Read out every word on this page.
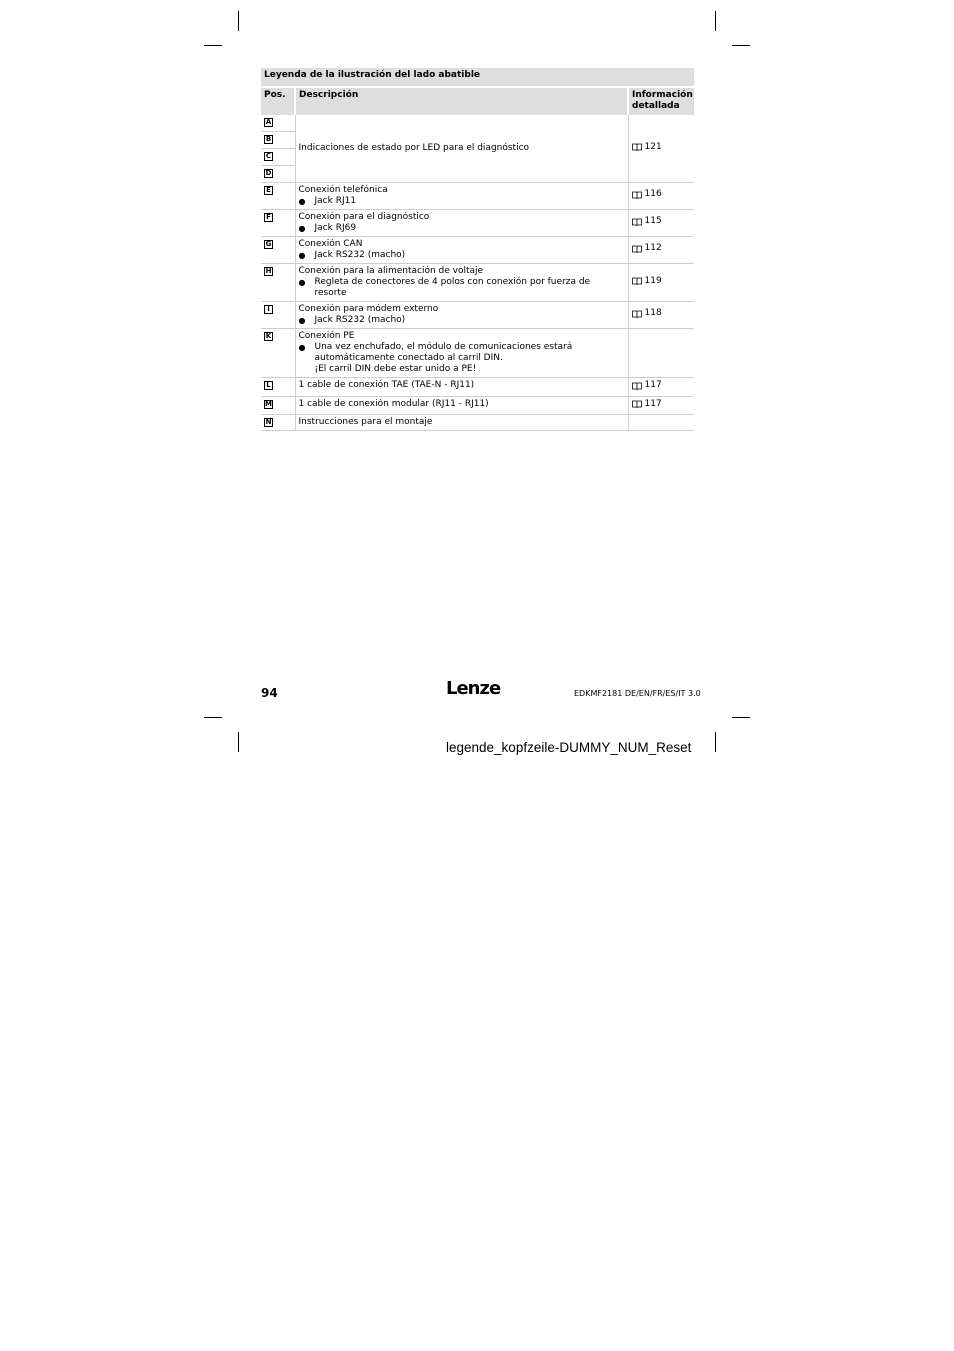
Leyenda de la ilustración del lado abatible		
Pos.	Descripción	Información detallada
A	Indicaciones de estado por LED para el diagnóstico	121

B		
C		
D		
E	Conexión telefónica
● Jack RJ11	116

F	Conexión para el diagnóstico
● Jack RJ69	115

G	Conexión CAN
● Jack RS232 (macho)	112

H	Conexión para la alimentación de voltaje
● Regleta de conectores de 4 polos con conexión por fuerza de resorte	119

I	Conexión para módem externo
● Jack RS232 (macho)	118

K	Conexión PE
● Una vez enchufado, el módulo de comunicaciones estará automáticamente conectado al carril DIN.
¡El carril DIN debe estar unido a PE!	

L	1 cable de conexión TAE (TAE-N - RJ11)	117

M	1 cable de conexión modular (RJ11 - RJ11)	117

N	Instrucciones para el montaje	
94	Lenze	EDKMF2181 DE/EN/FR/ES/IT 3.0
legende_kopfzeile-DUMMY_NUM_Reset
